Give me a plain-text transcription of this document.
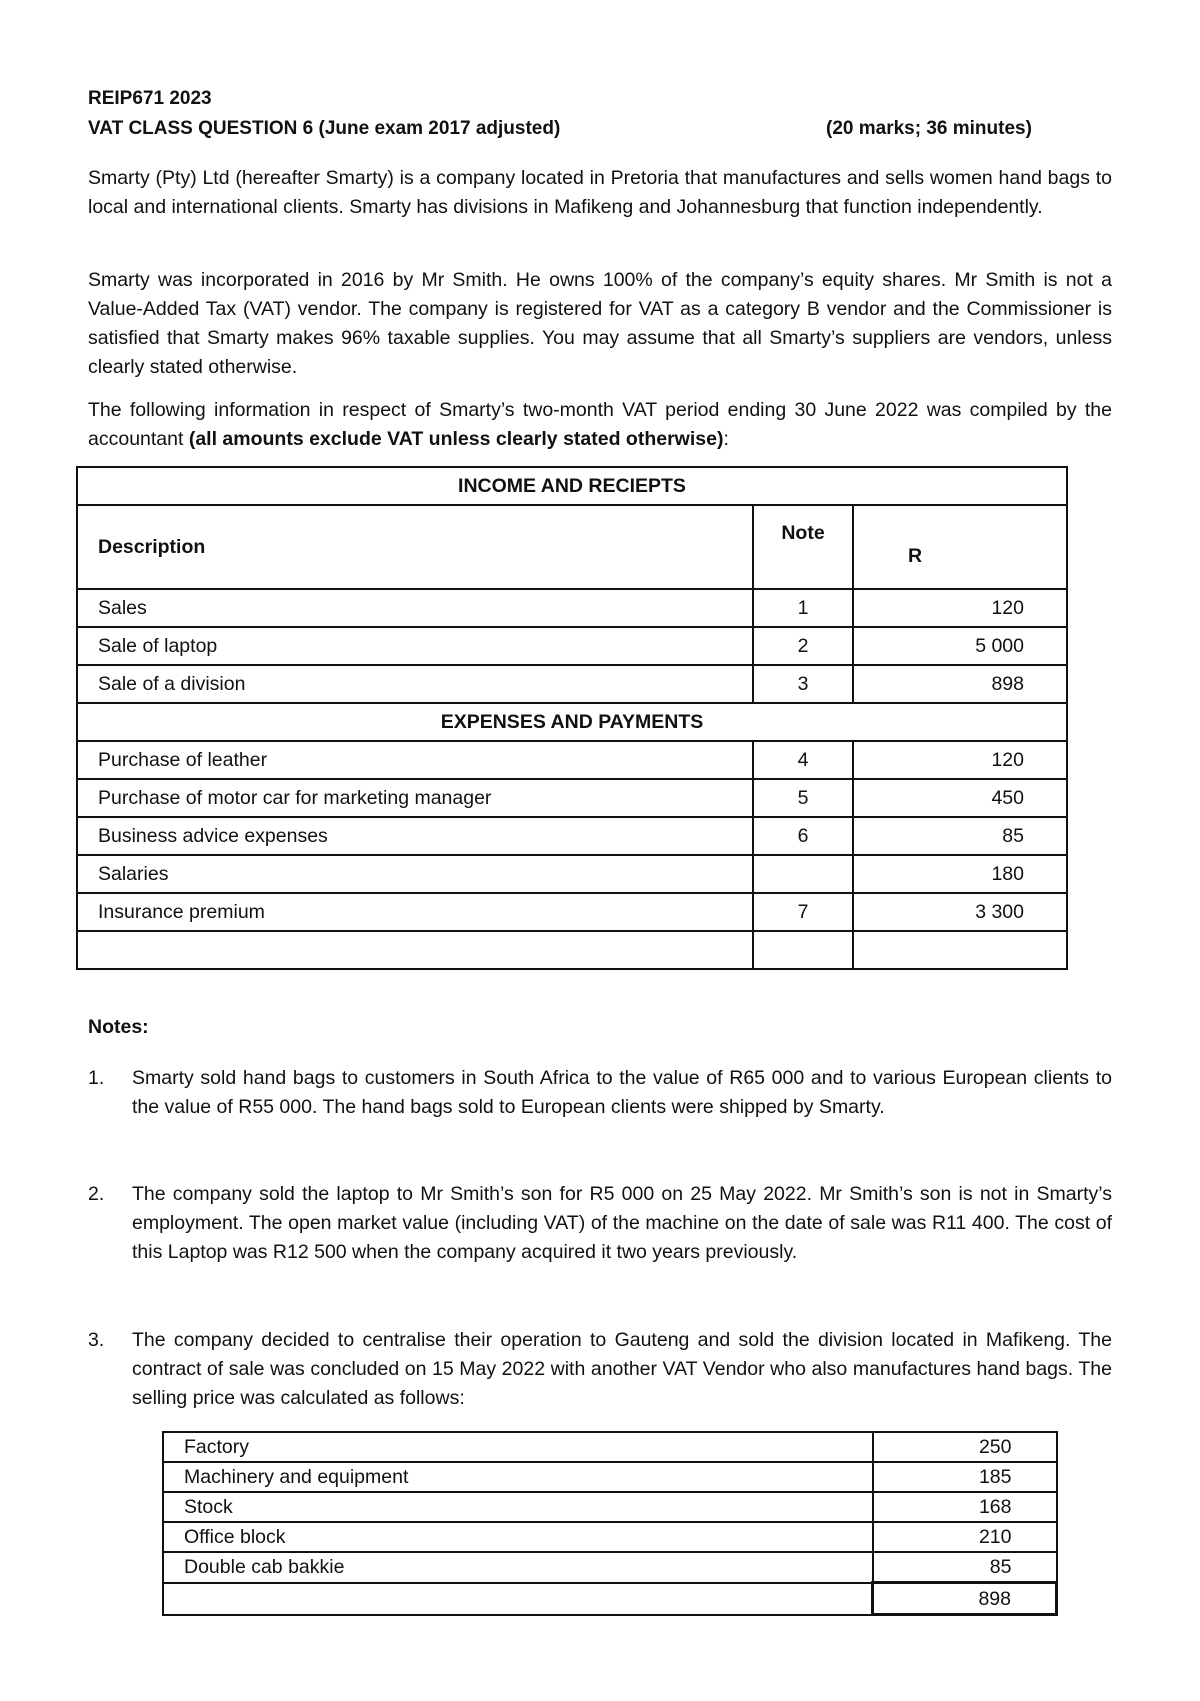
REIP671 2023
VAT CLASS QUESTION 6 (June exam 2017 adjusted)	(20 marks; 36 minutes)

Smarty (Pty) Ltd (hereafter Smarty) is a company located in Pretoria that manufactures and sells women hand bags to local and international clients. Smarty has divisions in Mafikeng and Johannesburg that function independently.

Smarty was incorporated in 2016 by Mr Smith. He owns 100% of the company’s equity shares. Mr Smith is not a Value-Added Tax (VAT) vendor. The company is registered for VAT as a category B vendor and the Commissioner is satisfied that Smarty makes 96% taxable supplies. You may assume that all Smarty’s suppliers are vendors, unless clearly stated otherwise.

The following information in respect of Smarty’s two-month VAT period ending 30 June 2022 was compiled by the accountant (all amounts exclude VAT unless clearly stated otherwise):

INCOME AND RECIEPTS		
Description	Note	R

Sales	1	120
Sale of laptop	2	5 000
Sale of a division	3	898
EXPENSES AND PAYMENTS		
Purchase of leather	4	120
Purchase of motor car for marketing manager	5	450
Business advice expenses	6	85
Salaries		180
Insurance premium	7	3 300

Notes:
1. Smarty sold hand bags to customers in South Africa to the value of R65 000 and to various European clients to the value of R55 000. The hand bags sold to European clients were shipped by Smarty.
2. The company sold the laptop to Mr Smith’s son for R5 000 on 25 May 2022. Mr Smith’s son is not in Smarty’s employment. The open market value (including VAT) of the machine on the date of sale was R11 400. The cost of this Laptop was R12 500 when the company acquired it two years previously.
3. The company decided to centralise their operation to Gauteng and sold the division located in Mafikeng. The contract of sale was concluded on 15 May 2022 with another VAT Vendor who also manufactures hand bags. The selling price was calculated as follows:
Factory	250
Machinery and equipment	185
Stock	168
Office block	210
Double cab bakkie	85
	898
